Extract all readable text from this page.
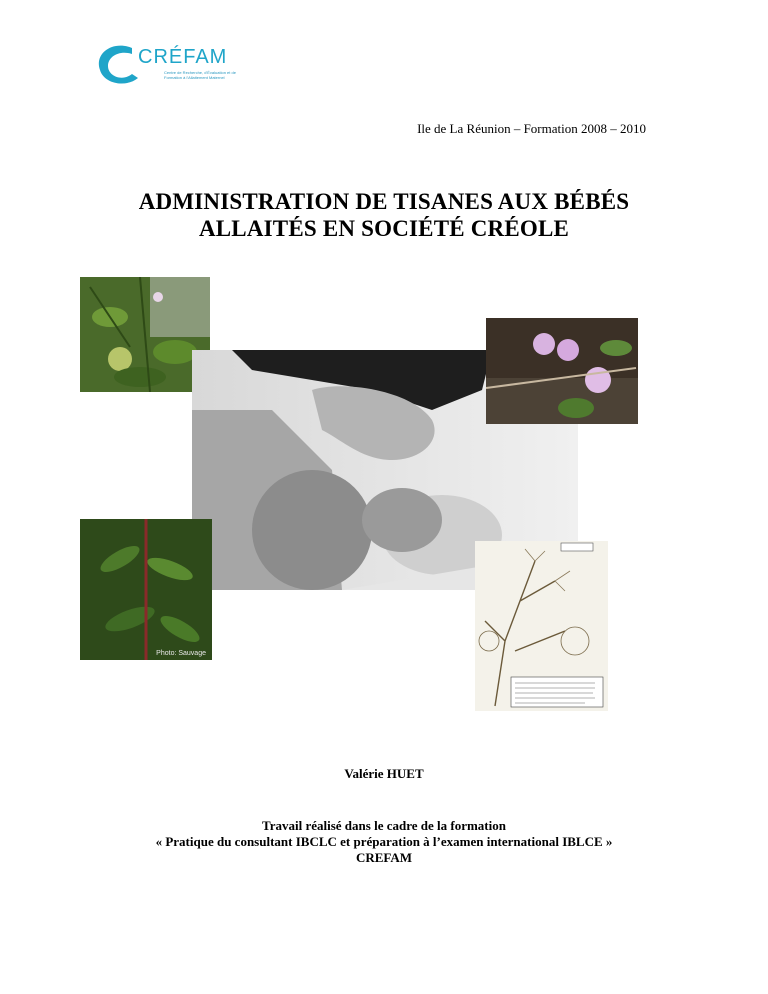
CRÉFAM
Centre de Recherche, d'Évaluation et de Formation à l'Allaitement Maternel
Ile de La Réunion – Formation 2008 – 2010
ADMINISTRATION DE TISANES AUX BÉBÉS
ALLAITÉS EN SOCIÉTÉ CRÉOLE
Photo: Sauvage
Valérie HUET
Travail réalisé dans le cadre de la formation
« Pratique du consultant IBCLC et préparation à l’examen international IBLCE »
CREFAM
